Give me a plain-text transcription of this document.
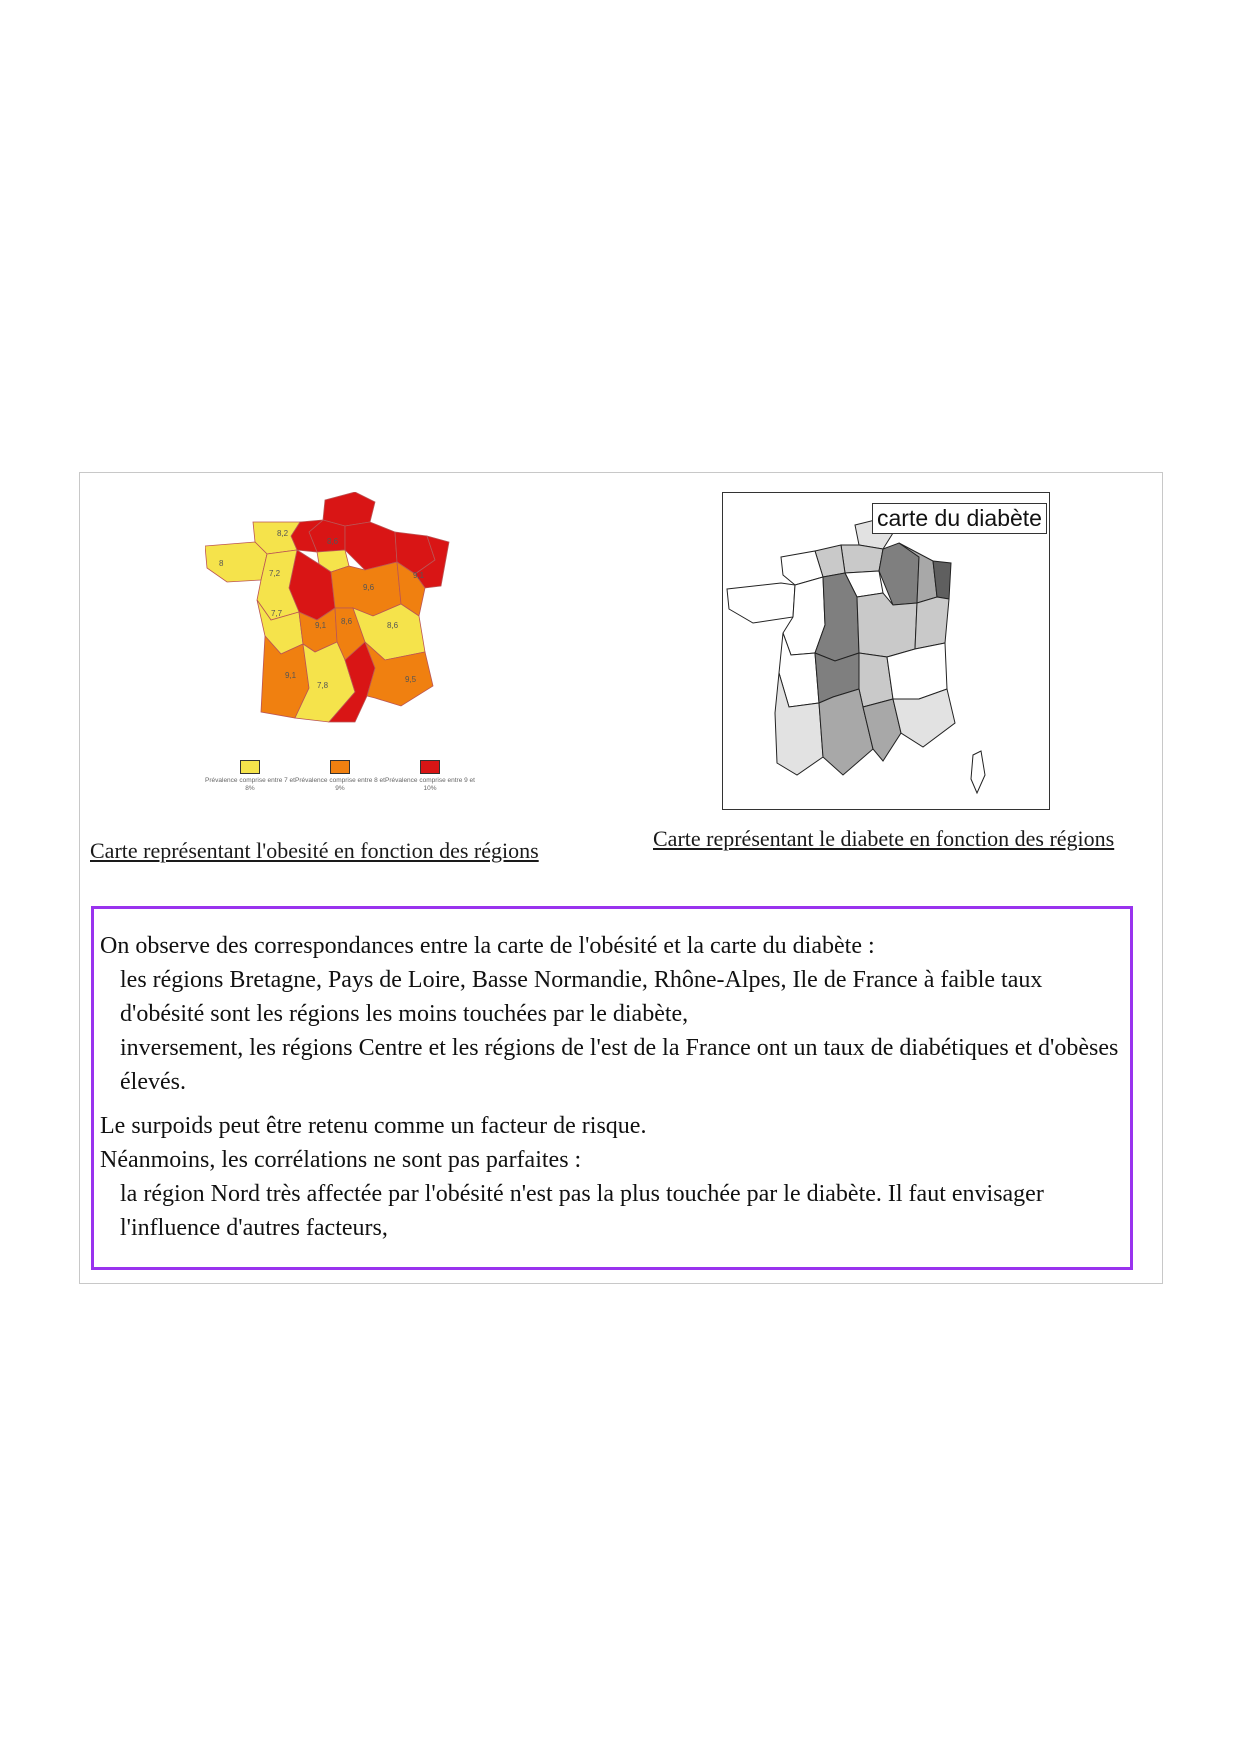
8,2
8
8,6
7,2
7,7
9,1
9,6
9,1 8,6	8,6
7,8
9,5
9,1
Prévalence comprise entre 7 et 8%
Prévalence comprise entre 8 et 9%
Prévalence comprise entre 9 et 10%
carte du diabète
Carte représentant l'obesité en fonction des régions	Carte représentant le diabete en fonction des régions

On observe des correspondances entre la carte de l'obésité et la carte du diabète :

les régions Bretagne, Pays de Loire, Basse Normandie, Rhône-Alpes, Ile de France à faible taux d'obésité sont les régions les moins touchées par le diabète,

inversement, les régions Centre et les régions de l'est de la France ont un taux de diabétiques et d'obèses élevés.

Le surpoids peut être retenu comme un facteur de risque.

Néanmoins, les corrélations ne sont pas parfaites :

la région Nord très affectée par l'obésité n'est pas la plus touchée par le diabète. Il faut envisager l'influence d'autres facteurs,
